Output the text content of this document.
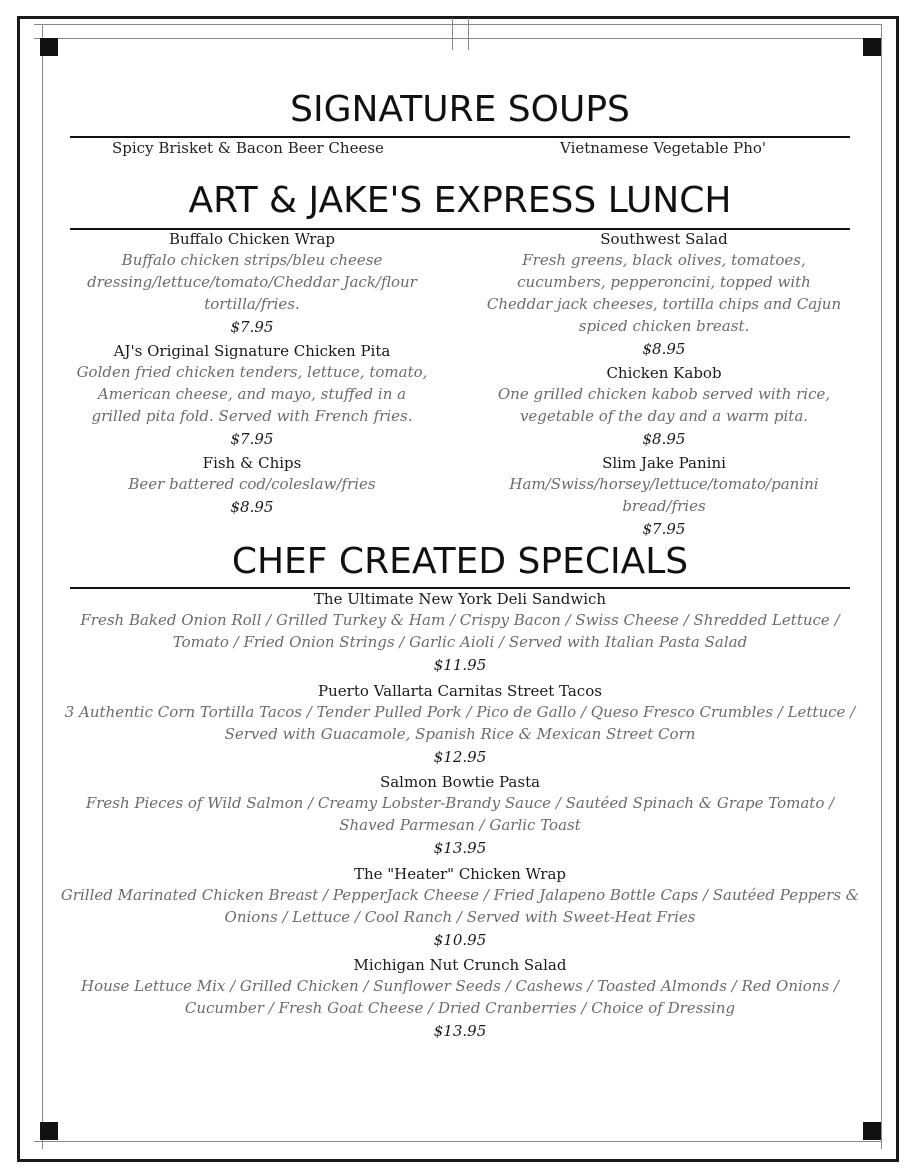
SIGNATURE SOUPS
Spicy Brisket & Bacon Beer Cheese	Vietnamese Vegetable Pho'
ART & JAKE'S EXPRESS LUNCH
Buffalo Chicken Wrap
Buffalo chicken strips/bleu cheese dressing/lettuce/tomato/Cheddar Jack/flour tortilla/fries.
$7.95
AJ's Original Signature Chicken Pita
Golden fried chicken tenders, lettuce, tomato, American cheese, and mayo, stuffed in a grilled pita fold. Served with French fries.
$7.95
Fish & Chips
Beer battered cod/coleslaw/fries
$8.95
Southwest Salad
Fresh greens, black olives, tomatoes, cucumbers, pepperoncini, topped with Cheddar jack cheeses, tortilla chips and Cajun spiced chicken breast.
$8.95
Chicken Kabob
One grilled chicken kabob served with rice, vegetable of the day and a warm pita.
$8.95
Slim Jake Panini
Ham/Swiss/horsey/lettuce/tomato/panini bread/fries
$7.95
CHEF CREATED SPECIALS
The Ultimate New York Deli Sandwich
Fresh Baked Onion Roll / Grilled Turkey & Ham / Crispy Bacon / Swiss Cheese / Shredded Lettuce / Tomato / Fried Onion Strings / Garlic Aioli / Served with Italian Pasta Salad
$11.95
Puerto Vallarta Carnitas Street Tacos
3 Authentic Corn Tortilla Tacos / Tender Pulled Pork / Pico de Gallo / Queso Fresco Crumbles / Lettuce / Served with Guacamole, Spanish Rice & Mexican Street Corn
$12.95
Salmon Bowtie Pasta
Fresh Pieces of Wild Salmon / Creamy Lobster-Brandy Sauce / Sautéed Spinach & Grape Tomato / Shaved Parmesan / Garlic Toast
$13.95
The "Heater" Chicken Wrap
Grilled Marinated Chicken Breast / PepperJack Cheese / Fried Jalapeno Bottle Caps / Sautéed Peppers & Onions / Lettuce / Cool Ranch / Served with Sweet-Heat Fries
$10.95
Michigan Nut Crunch Salad
House Lettuce Mix / Grilled Chicken / Sunflower Seeds / Cashews / Toasted Almonds / Red Onions / Cucumber / Fresh Goat Cheese / Dried Cranberries / Choice of Dressing
$13.95
